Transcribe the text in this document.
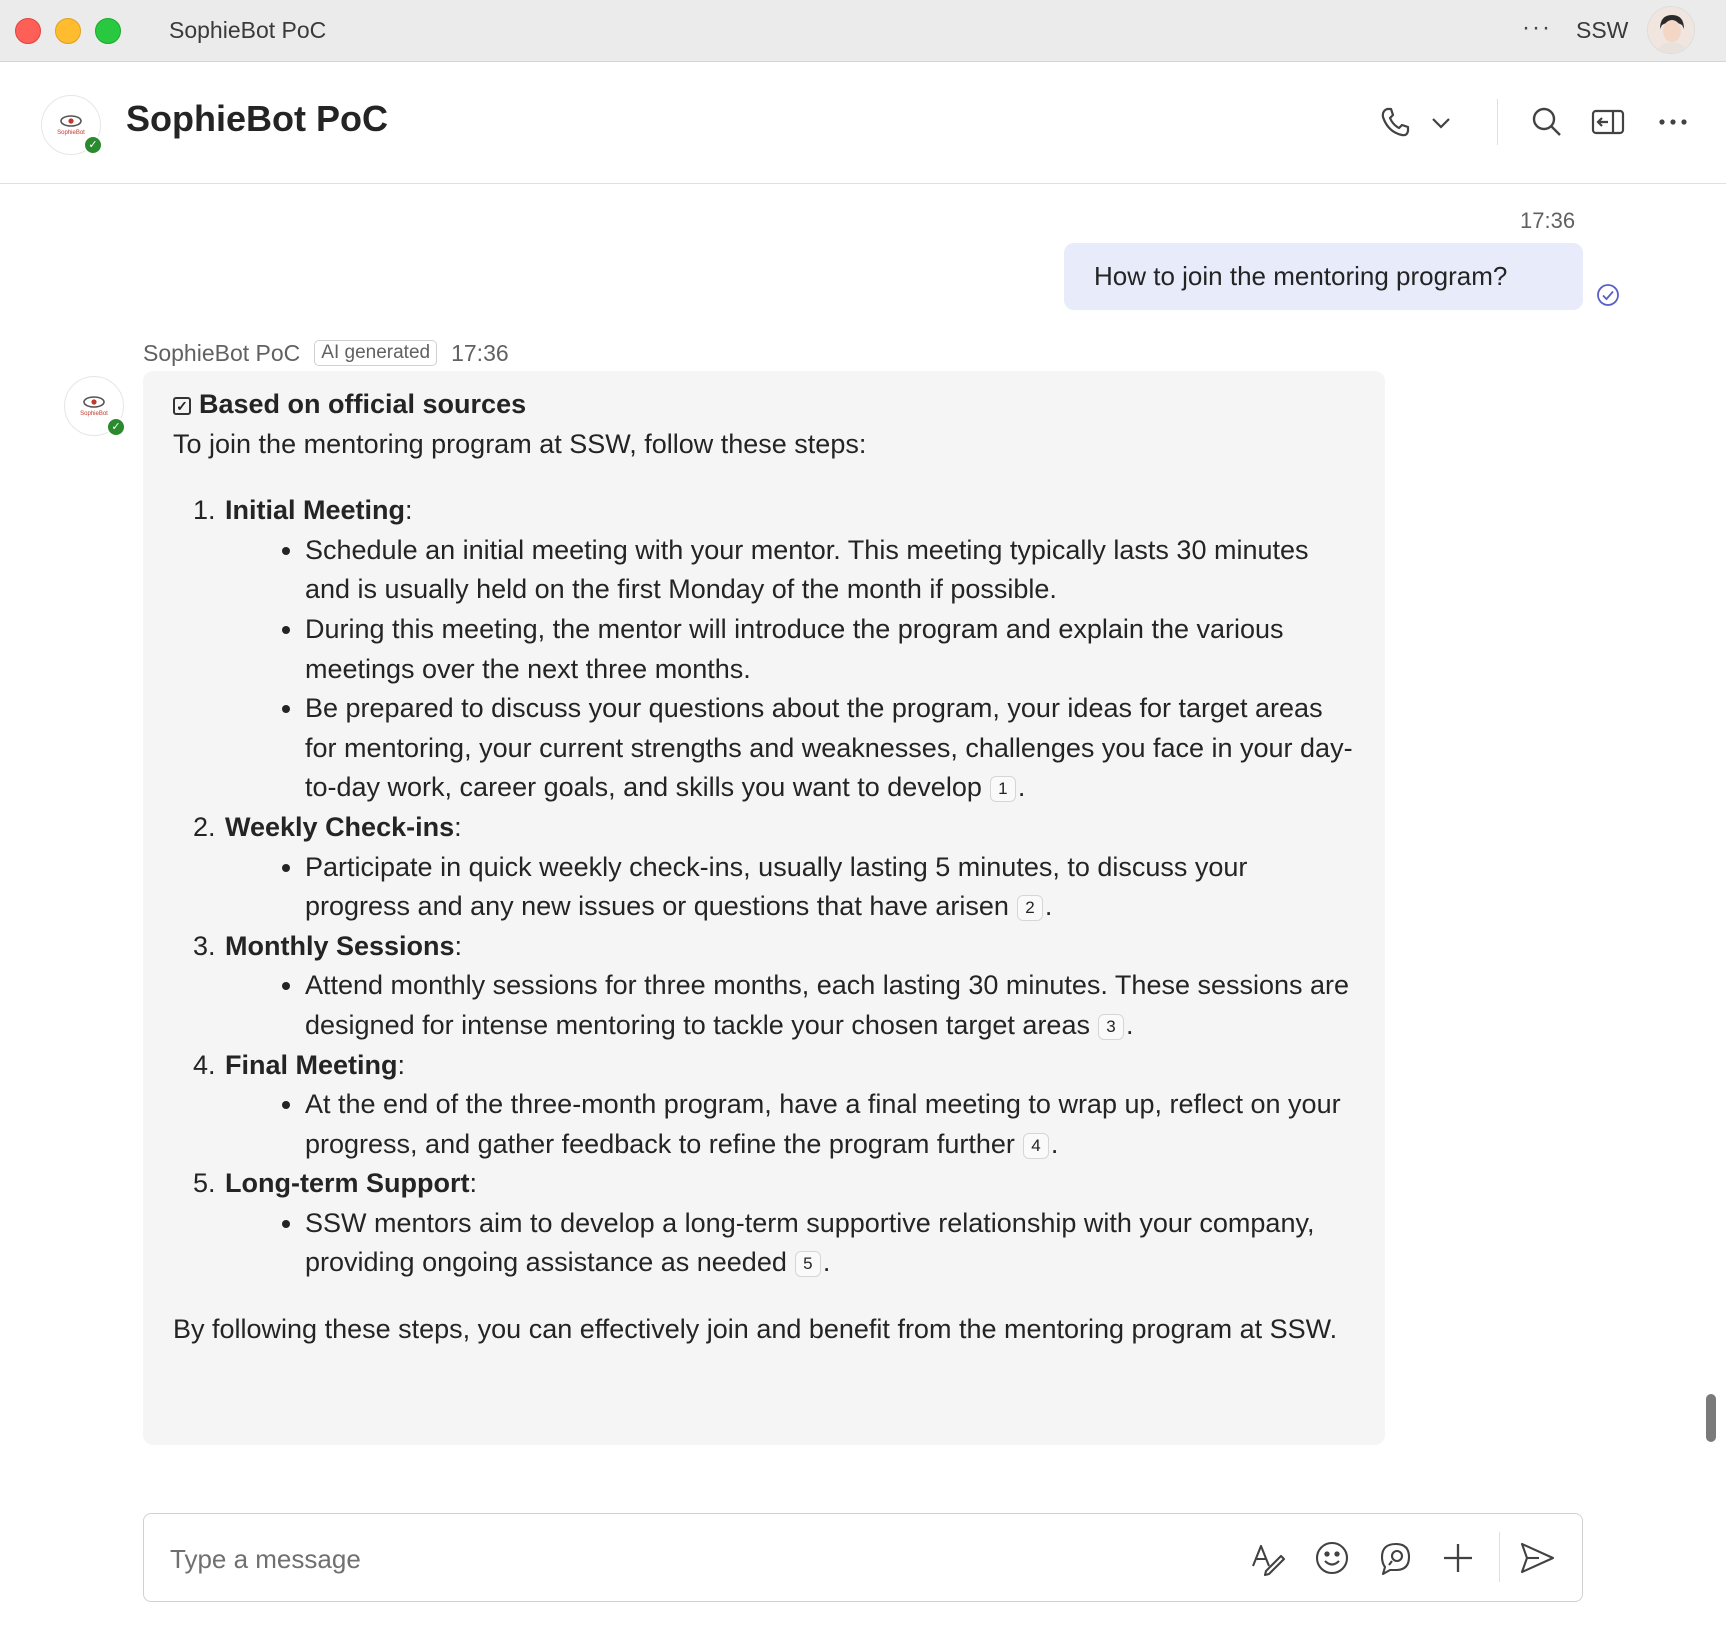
SophieBot PoC	··· SSW
SophieBot
✓
SophieBot PoC
17:36
How to join the mentoring program?
SophieBot
✓
SophieBot PoC	AI generated 17:36

✓ Based on official sources

To join the mentoring program at SSW, follow these steps:

1. Initial Meeting:
• Schedule an initial meeting with your mentor. This meeting typically lasts 30 minutes and is usually held on the first Monday of the month if possible.
• During this meeting, the mentor will introduce the program and explain the various meetings over the next three months.
• Be prepared to discuss your questions about the program, your ideas for target areas for mentoring, your current strengths and weaknesses, challenges you face in your day-to-day work, career goals, and skills you want to develop 1 .
2. Weekly Check-ins:
• Participate in quick weekly check-ins, usually lasting 5 minutes, to discuss your progress and any new issues or questions that have arisen 2 .
3. Monthly Sessions:
• Attend monthly sessions for three months, each lasting 30 minutes. These sessions are designed for intense mentoring to tackle your chosen target areas 3 .
4. Final Meeting:
• At the end of the three-month program, have a final meeting to wrap up, reflect on your progress, and gather feedback to refine the program further 4 .
5. Long-term Support:
• SSW mentors aim to develop a long-term supportive relationship with your company, providing ongoing assistance as needed 5 .

By following these steps, you can effectively join and benefit from the mentoring program at SSW.

Type a message
